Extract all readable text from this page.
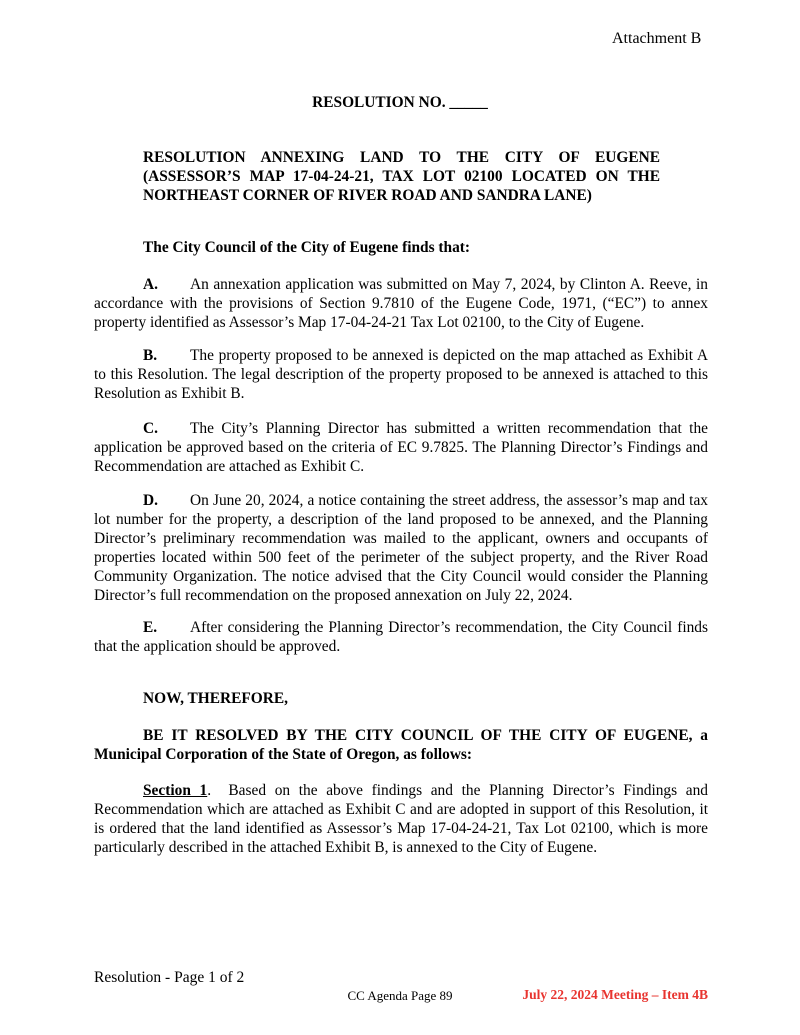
Attachment B
RESOLUTION NO. _____
RESOLUTION ANNEXING LAND TO THE CITY OF EUGENE
(ASSESSOR’S MAP 17-04-24-21, TAX LOT 02100 LOCATED ON THE
NORTHEAST CORNER OF RIVER ROAD AND SANDRA LANE)
The City Council of the City of Eugene finds that:
A. An annexation application was submitted on May 7, 2024, by Clinton A. Reeve, in accordance with the provisions of Section 9.7810 of the Eugene Code, 1971, (“EC”) to annex property identified as Assessor’s Map 17-04-24-21 Tax Lot 02100, to the City of Eugene.
B. The property proposed to be annexed is depicted on the map attached as Exhibit A to this Resolution. The legal description of the property proposed to be annexed is attached to this Resolution as Exhibit B.
C. The City’s Planning Director has submitted a written recommendation that the application be approved based on the criteria of EC 9.7825. The Planning Director’s Findings and Recommendation are attached as Exhibit C.
D. On June 20, 2024, a notice containing the street address, the assessor’s map and tax lot number for the property, a description of the land proposed to be annexed, and the Planning Director’s preliminary recommendation was mailed to the applicant, owners and occupants of properties located within 500 feet of the perimeter of the subject property, and the River Road Community Organization. The notice advised that the City Council would consider the Planning Director’s full recommendation on the proposed annexation on July 22, 2024.
E. After considering the Planning Director’s recommendation, the City Council finds that the application should be approved.
NOW, THEREFORE,
BE IT RESOLVED BY THE CITY COUNCIL OF THE CITY OF EUGENE, a Municipal Corporation of the State of Oregon, as follows:
Section 1.  Based on the above findings and the Planning Director’s Findings and Recommendation which are attached as Exhibit C and are adopted in support of this Resolution, it is ordered that the land identified as Assessor’s Map 17-04-24-21, Tax Lot 02100, which is more particularly described in the attached Exhibit B, is annexed to the City of Eugene.
Resolution - Page 1 of 2
CC Agenda Page 89	July 22, 2024 Meeting – Item 4B
